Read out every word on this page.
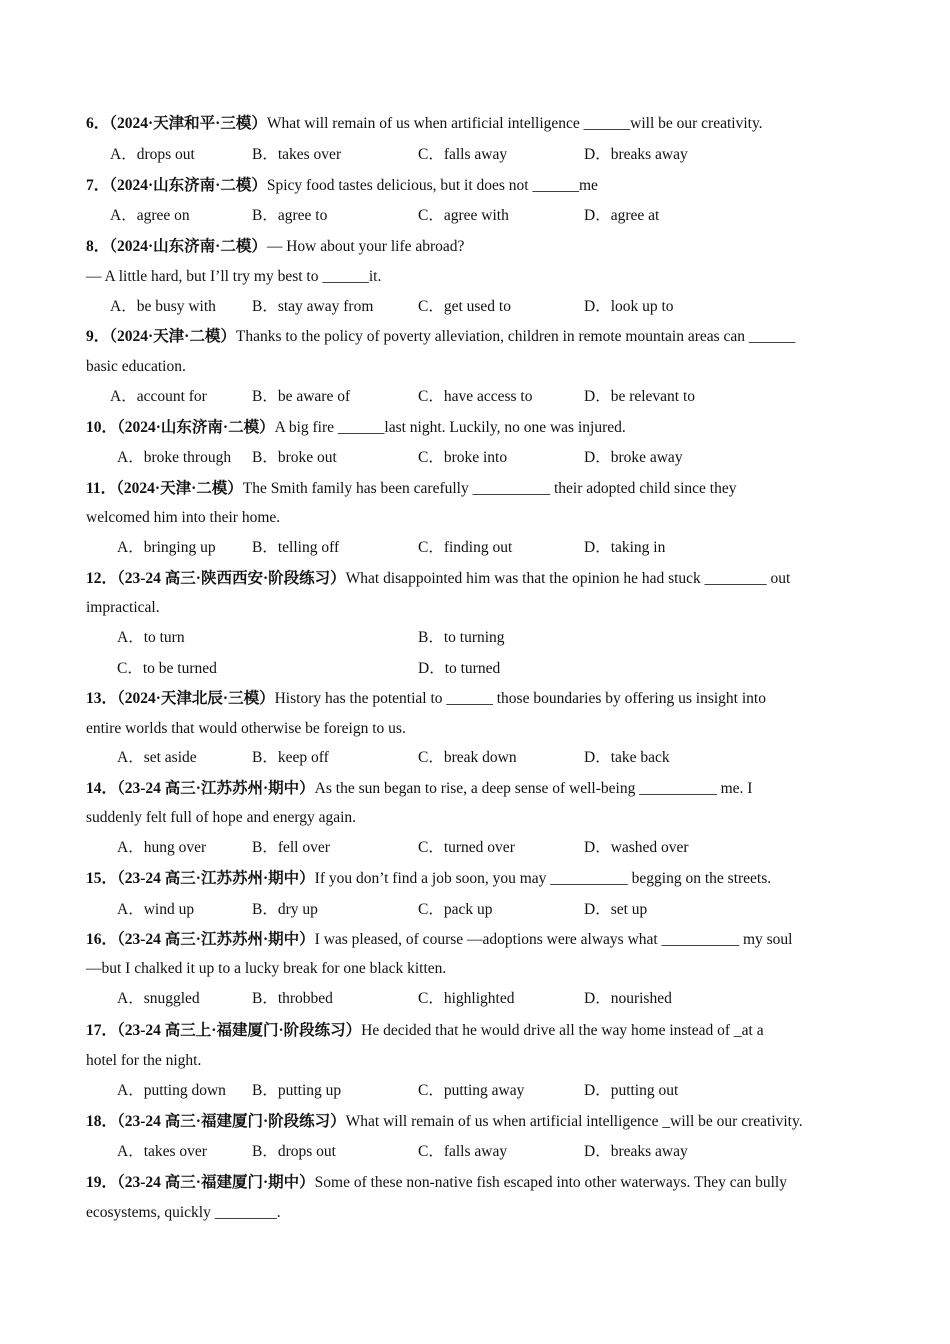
6．（2024·天津和平·三模）What will remain of us when artificial intelligence ______will be our creativity.
A．drops out	B．takes over	C．falls away	D．breaks away
7．（2024·山东济南·二模）Spicy food tastes delicious, but it does not ______me
A．agree on	B．agree to	C．agree with	D．agree at
8．（2024·山东济南·二模）— How about your life abroad?
— A little hard, but I’ll try my best to ______it.
A．be busy with B．stay away from	C．get used to	D．look up to
9．（2024·天津·二模）Thanks to the policy of poverty alleviation, children in remote mountain areas can ______
basic education.
A．account for	B．be aware of	C．have access to	D．be relevant to
10．（2024·山东济南·二模）A big fire ______last night. Luckily, no one was injured.
A．broke through B．broke out	C．broke into	D．broke away
11．（2024·天津·二模）The Smith family has been carefully __________ their adopted child since they
welcomed him into their home.
A．bringing up B．telling off	C．finding out	D．taking in
12．（23-24 高三·陕西西安·阶段练习）What disappointed him was that the opinion he had stuck ________ out
impractical.
A．to turn	B．to turning
C．to be turned	D．to turned
13．（2024·天津北辰·三模）History has the potential to ______ those boundaries by offering us insight into
entire worlds that would otherwise be foreign to us.
A．set aside	B．keep off	C．break down	D．take back
14．（23-24 高三·江苏苏州·期中）As the sun began to rise, a deep sense of well-being __________ me. I
suddenly felt full of hope and energy again.
A．hung over	B．fell over	C．turned over	D．washed over
15．（23-24 高三·江苏苏州·期中）If you don’t find a job soon, you may __________ begging on the streets.
A．wind up	B．dry up	C．pack up	D．set up
16．（23-24 高三·江苏苏州·期中）I was pleased, of course —adoptions were always what __________ my soul
—but I chalked it up to a lucky break for one black kitten.
A．snuggled	B．throbbed	C．highlighted	D．nourished
17．（23-24 高三上·福建厦门·阶段练习）He decided that he would drive all the way home instead of _at a
hotel for the night.
A．putting down B．putting up	C．putting away	D．putting out
18．（23-24 高三·福建厦门·阶段练习）What will remain of us when artificial intelligence _will be our creativity.
A．takes over	B．drops out	C．falls away	D．breaks away
19．（23-24 高三·福建厦门·期中）Some of these non-native fish escaped into other waterways. They can bully
ecosystems, quickly ________.
